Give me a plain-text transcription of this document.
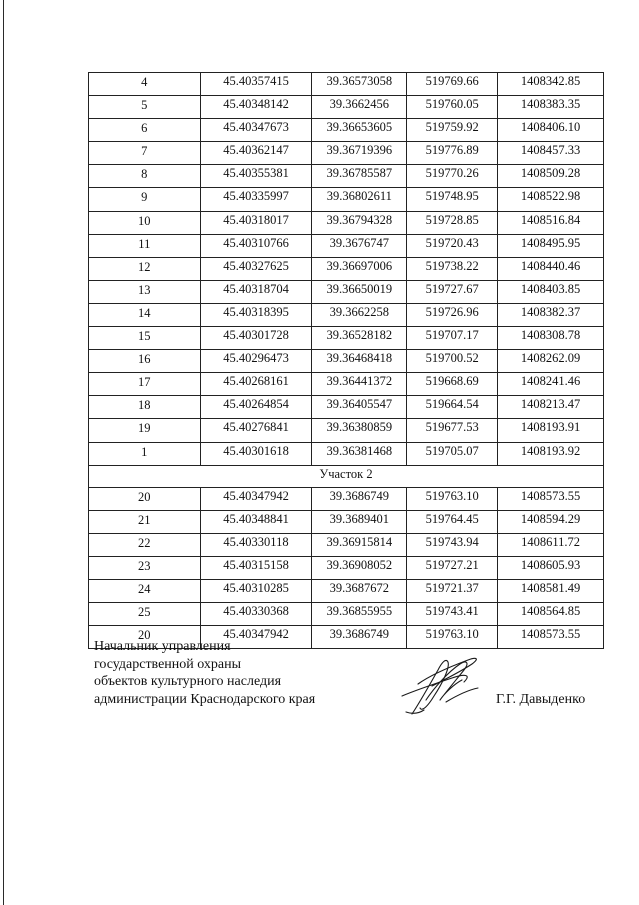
4	45.40357415	39.36573058	519769.66	1408342.85
5	45.40348142	39.3662456	519760.05	1408383.35
6	45.40347673	39.36653605	519759.92	1408406.10
7	45.40362147	39.36719396	519776.89	1408457.33
8	45.40355381	39.36785587	519770.26	1408509.28
9	45.40335997	39.36802611	519748.95	1408522.98
10	45.40318017	39.36794328	519728.85	1408516.84
11	45.40310766	39.3676747	519720.43	1408495.95
12	45.40327625	39.36697006	519738.22	1408440.46
13	45.40318704	39.36650019	519727.67	1408403.85
14	45.40318395	39.3662258	519726.96	1408382.37
15	45.40301728	39.36528182	519707.17	1408308.78
16	45.40296473	39.36468418	519700.52	1408262.09
17	45.40268161	39.36441372	519668.69	1408241.46
18	45.40264854	39.36405547	519664.54	1408213.47
19	45.40276841	39.36380859	519677.53	1408193.91
1	45.40301618	39.36381468	519705.07	1408193.92
Участок 2				
20	45.40347942	39.3686749	519763.10	1408573.55
21	45.40348841	39.3689401	519764.45	1408594.29
22	45.40330118	39.36915814	519743.94	1408611.72
23	45.40315158	39.36908052	519727.21	1408605.93
24	45.40310285	39.3687672	519721.37	1408581.49
25	45.40330368	39.36855955	519743.41	1408564.85
20	45.40347942	39.3686749	519763.10	1408573.55
Начальник управления
государственной охраны
объектов культурного наследия
администрации Краснодарского края	Г.Г. Давыденко
